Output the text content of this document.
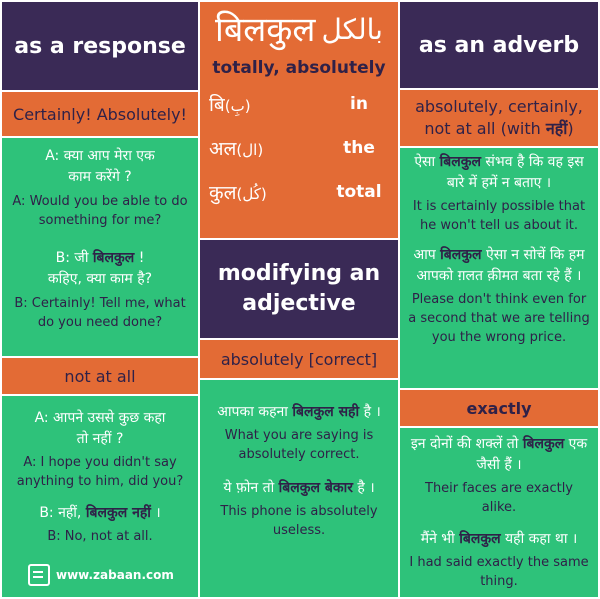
as a response
Certainly! Absolutely!
A: क्या आप मेरा एक
काम करेंगे ?
A: Would you be able to do something for me?
B: जी बिलकुल !
कहिए, क्या काम है?
B: Certainly! Tell me, what do you need done?
not at all
A: आपने उससे कुछ कहा
तो नहीं ?
A: I hope you didn't say anything to him, did you?
B: नहीं, बिलकुल नहीं ।
B: No, not at all.
www.zabaan.com
बिलकुल بالکل
totally, absolutely
बि(بِ)	in
अल(ال)	the
कुल(کُل)	total
modifying an adjective
absolutely [correct]
आपका कहना बिलकुल सही है ।
What you are saying is absolutely correct.
ये फ़ोन तो बिलकुल बेकार है ।
This phone is absolutely useless.
as an adverb
absolutely, certainly, not at all (with नहीं)
ऐसा बिलकुल संभव है कि वह इस बारे में हमें न बताए ।
It is certainly possible that he won't tell us about it.
आप बिलकुल ऐसा न सोचें कि हम आपको ग़लत क़ीमत बता रहे हैं ।
Please don't think even for a second that we are telling you the wrong price.
exactly
इन दोनों की शक्लें तो बिलकुल एक जैसी हैं ।
Their faces are exactly alike.
मैंने भी बिलकुल यही कहा था ।
I had said exactly the same thing.
